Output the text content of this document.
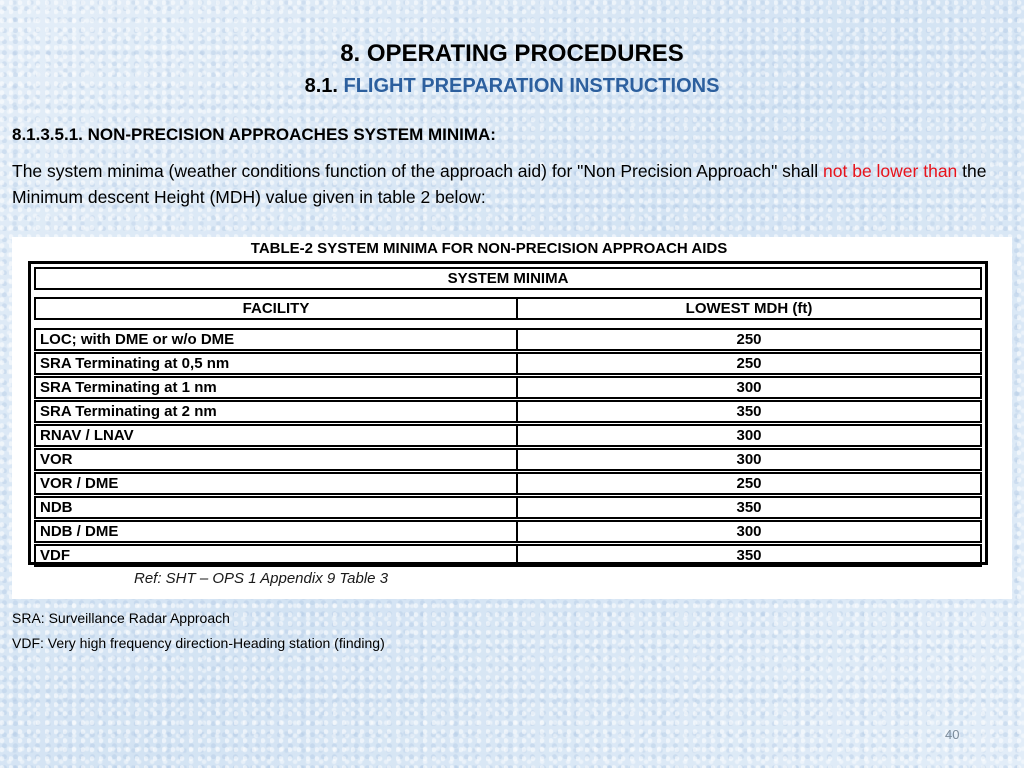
8. OPERATING PROCEDURES
8.1. FLIGHT PREPARATION INSTRUCTIONS
8.1.3.5.1. NON-PRECISION APPROACHES SYSTEM MINIMA:
The system minima (weather conditions function of the approach aid) for "Non Precision Approach" shall not be lower than the Minimum descent Height (MDH) value given in table 2 below:
TABLE-2 SYSTEM MINIMA FOR NON-PRECISION APPROACH AIDS
SYSTEM MINIMA
FACILITY	LOWEST MDH (ft)
LOC; with DME or w/o DME	250
SRA Terminating at 0,5 nm	250
SRA Terminating at 1 nm	300
SRA Terminating at 2 nm	350
RNAV / LNAV	300
VOR	300
VOR / DME	250
NDB	350
NDB / DME	300
VDF	350
Ref: SHT – OPS 1 Appendix 9 Table 3
SRA: Surveillance Radar Approach
VDF: Very high frequency direction-Heading station (finding)
40
